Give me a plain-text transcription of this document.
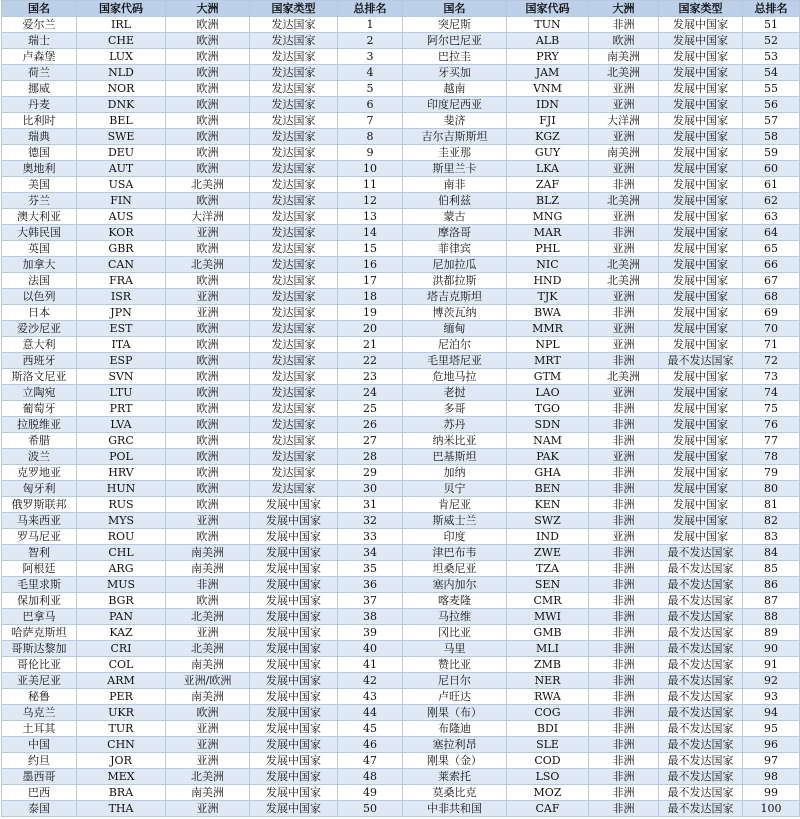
国名	国家代码	大洲	国家类型	总排名	国名	国家代码	大洲	国家类型	总排名
爱尔兰	IRL	欧洲	发达国家	1	突尼斯	TUN	非洲	发展中国家	51
瑞士	CHE	欧洲	发达国家	2	阿尔巴尼亚	ALB	欧洲	发展中国家	52
卢森堡	LUX	欧洲	发达国家	3	巴拉圭	PRY	南美洲	发展中国家	53
荷兰	NLD	欧洲	发达国家	4	牙买加	JAM	北美洲	发展中国家	54
挪威	NOR	欧洲	发达国家	5	越南	VNM	亚洲	发展中国家	55
丹麦	DNK	欧洲	发达国家	6	印度尼西亚	IDN	亚洲	发展中国家	56
比利时	BEL	欧洲	发达国家	7	斐济	FJI	大洋洲	发展中国家	57
瑞典	SWE	欧洲	发达国家	8	吉尔吉斯斯坦	KGZ	亚洲	发展中国家	58
德国	DEU	欧洲	发达国家	9	圭亚那	GUY	南美洲	发展中国家	59
奥地利	AUT	欧洲	发达国家	10	斯里兰卡	LKA	亚洲	发展中国家	60
美国	USA	北美洲	发达国家	11	南非	ZAF	非洲	发展中国家	61
芬兰	FIN	欧洲	发达国家	12	伯利兹	BLZ	北美洲	发展中国家	62
澳大利亚	AUS	大洋洲	发达国家	13	蒙古	MNG	亚洲	发展中国家	63
大韩民国	KOR	亚洲	发达国家	14	摩洛哥	MAR	非洲	发展中国家	64
英国	GBR	欧洲	发达国家	15	菲律宾	PHL	亚洲	发展中国家	65
加拿大	CAN	北美洲	发达国家	16	尼加拉瓜	NIC	北美洲	发展中国家	66
法国	FRA	欧洲	发达国家	17	洪都拉斯	HND	北美洲	发展中国家	67
以色列	ISR	亚洲	发达国家	18	塔吉克斯坦	TJK	亚洲	发展中国家	68
日本	JPN	亚洲	发达国家	19	博茨瓦纳	BWA	非洲	发展中国家	69
爱沙尼亚	EST	欧洲	发达国家	20	缅甸	MMR	亚洲	发展中国家	70
意大利	ITA	欧洲	发达国家	21	尼泊尔	NPL	亚洲	发展中国家	71
西班牙	ESP	欧洲	发达国家	22	毛里塔尼亚	MRT	非洲	最不发达国家	72
斯洛文尼亚	SVN	欧洲	发达国家	23	危地马拉	GTM	北美洲	发展中国家	73
立陶宛	LTU	欧洲	发达国家	24	老挝	LAO	亚洲	发展中国家	74
葡萄牙	PRT	欧洲	发达国家	25	多哥	TGO	非洲	发展中国家	75
拉脱维亚	LVA	欧洲	发达国家	26	苏丹	SDN	非洲	发展中国家	76
希腊	GRC	欧洲	发达国家	27	纳米比亚	NAM	非洲	发展中国家	77
波兰	POL	欧洲	发达国家	28	巴基斯坦	PAK	亚洲	发展中国家	78
克罗地亚	HRV	欧洲	发达国家	29	加纳	GHA	非洲	发展中国家	79
匈牙利	HUN	欧洲	发达国家	30	贝宁	BEN	非洲	发展中国家	80
俄罗斯联邦	RUS	欧洲	发展中国家	31	肯尼亚	KEN	非洲	发展中国家	81
马来西亚	MYS	亚洲	发展中国家	32	斯威士兰	SWZ	非洲	发展中国家	82
罗马尼亚	ROU	欧洲	发展中国家	33	印度	IND	亚洲	发展中国家	83
智利	CHL	南美洲	发展中国家	34	津巴布韦	ZWE	非洲	最不发达国家	84
阿根廷	ARG	南美洲	发展中国家	35	坦桑尼亚	TZA	非洲	最不发达国家	85
毛里求斯	MUS	非洲	发展中国家	36	塞内加尔	SEN	非洲	最不发达国家	86
保加利亚	BGR	欧洲	发展中国家	37	喀麦隆	CMR	非洲	最不发达国家	87
巴拿马	PAN	北美洲	发展中国家	38	马拉维	MWI	非洲	最不发达国家	88
哈萨克斯坦	KAZ	亚洲	发展中国家	39	冈比亚	GMB	非洲	最不发达国家	89
哥斯达黎加	CRI	北美洲	发展中国家	40	马里	MLI	非洲	最不发达国家	90
哥伦比亚	COL	南美洲	发展中国家	41	赞比亚	ZMB	非洲	最不发达国家	91
亚美尼亚	ARM	亚洲/欧洲	发展中国家	42	尼日尔	NER	非洲	最不发达国家	92
秘鲁	PER	南美洲	发展中国家	43	卢旺达	RWA	非洲	最不发达国家	93
乌克兰	UKR	欧洲	发展中国家	44	刚果（布）	COG	非洲	最不发达国家	94
土耳其	TUR	亚洲	发展中国家	45	布隆迪	BDI	非洲	最不发达国家	95
中国	CHN	亚洲	发展中国家	46	塞拉利昂	SLE	非洲	最不发达国家	96
约旦	JOR	亚洲	发展中国家	47	刚果（金）	COD	非洲	最不发达国家	97
墨西哥	MEX	北美洲	发展中国家	48	莱索托	LSO	非洲	最不发达国家	98
巴西	BRA	南美洲	发展中国家	49	莫桑比克	MOZ	非洲	最不发达国家	99
泰国	THA	亚洲	发展中国家	50	中非共和国	CAF	非洲	最不发达国家	100
